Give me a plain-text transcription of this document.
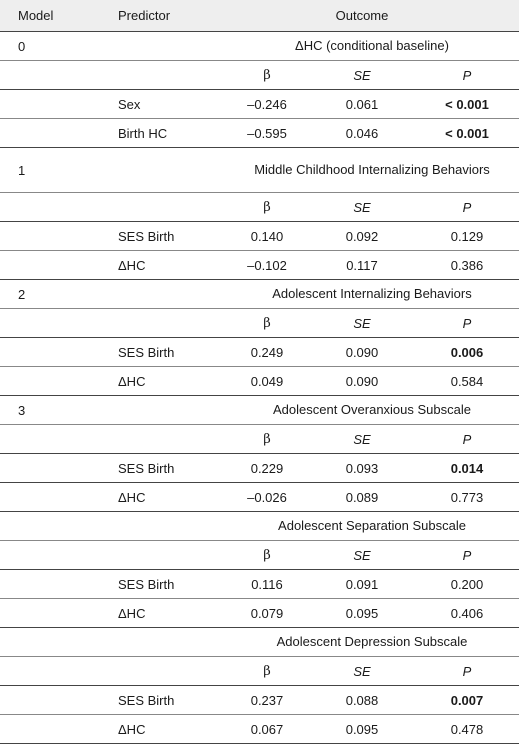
Model	Predictor	Outcome		
0		ΔHC (conditional baseline)		
		β	SE	P
	Sex	–0.246	0.061	< 0.001
	Birth HC	–0.595	0.046	< 0.001
1		Middle Childhood Internalizing Behaviors		
		β	SE	P
	SES Birth	0.140	0.092	0.129
	ΔHC	–0.102	0.117	0.386
2		Adolescent Internalizing Behaviors		
		β	SE	P
	SES Birth	0.249	0.090	0.006
	ΔHC	0.049	0.090	0.584
3		Adolescent Overanxious Subscale		
		β	SE	P
	SES Birth	0.229	0.093	0.014
	ΔHC	–0.026	0.089	0.773
		Adolescent Separation Subscale		
		β	SE	P
	SES Birth	0.116	0.091	0.200
	ΔHC	0.079	0.095	0.406
		Adolescent Depression Subscale		
		β	SE	P
	SES Birth	0.237	0.088	0.007
	ΔHC	0.067	0.095	0.478
